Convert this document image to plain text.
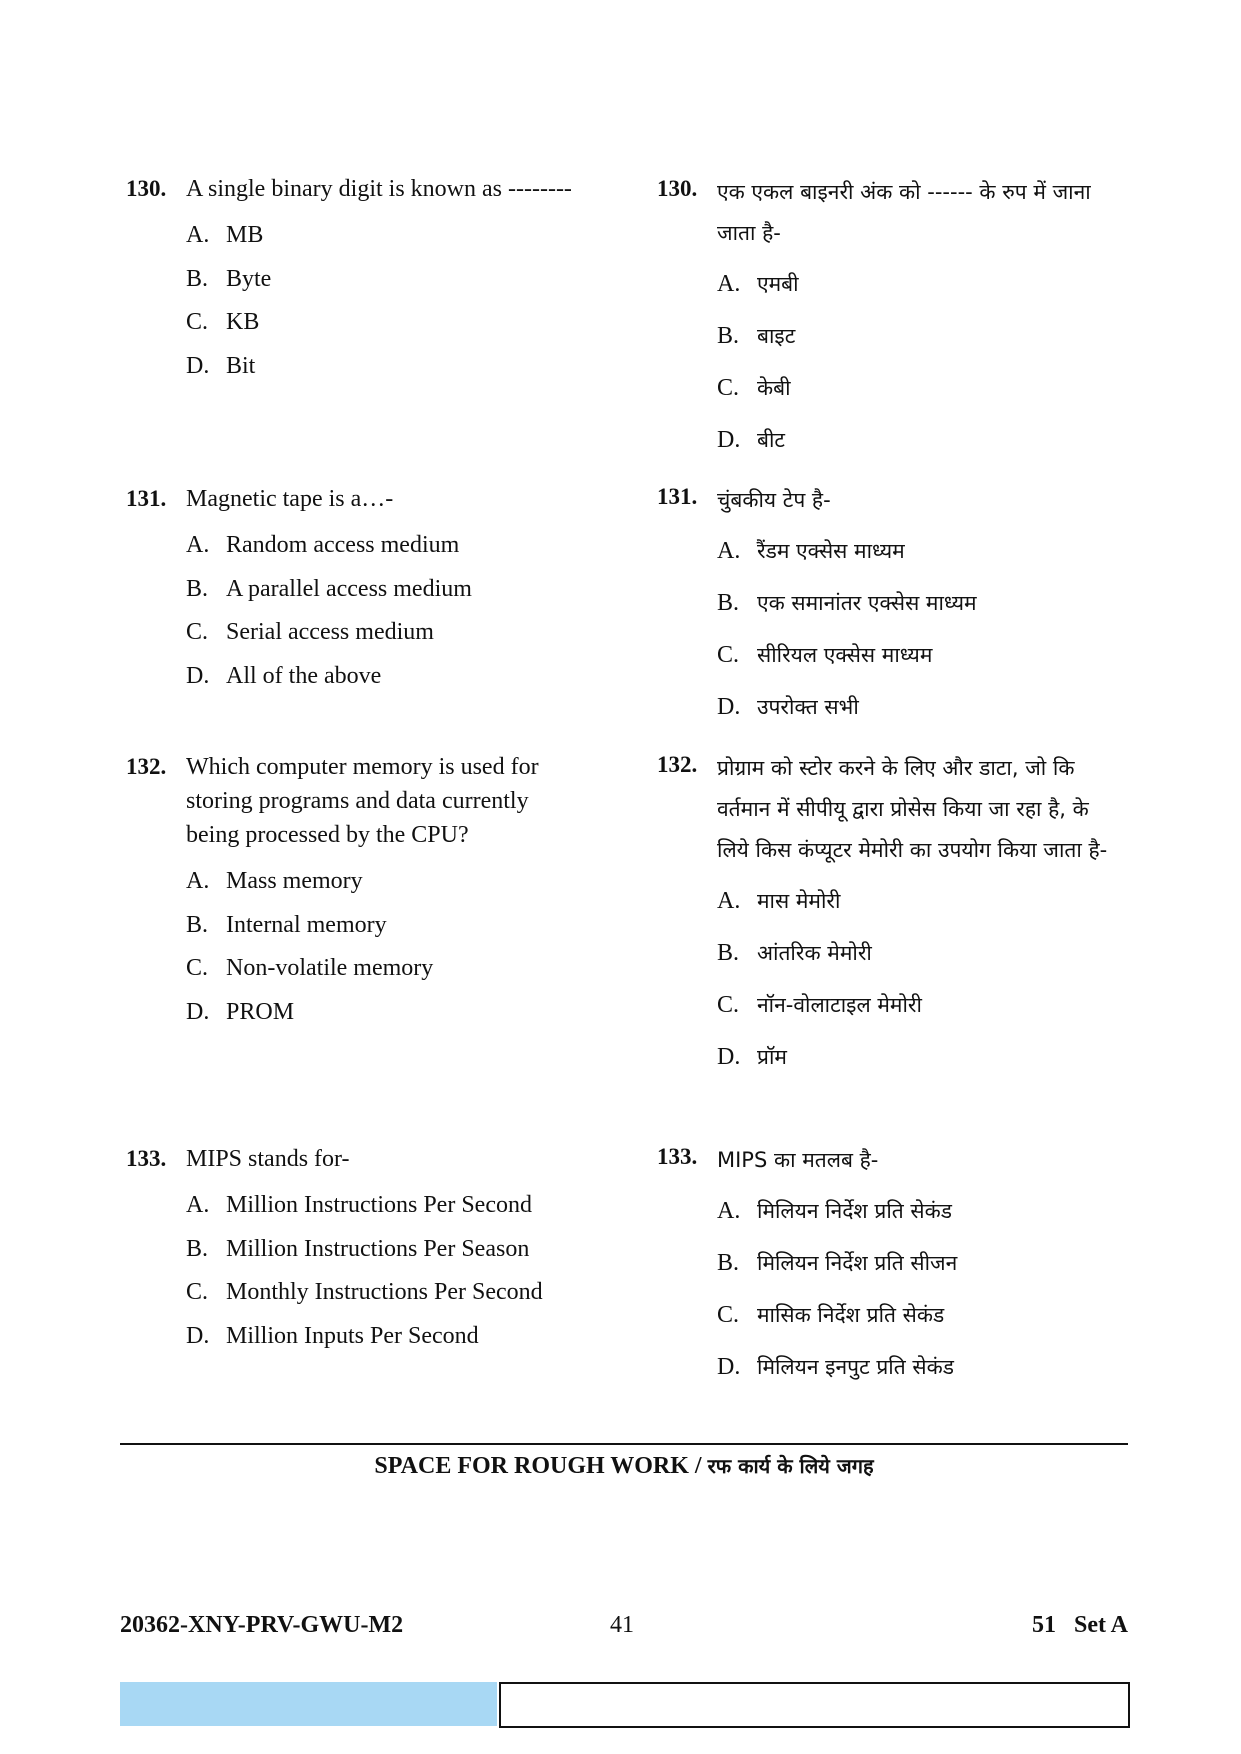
130. A single binary digit is known as --------
A. MB
B. Byte
C. KB
D. Bit
131. Magnetic tape is a…-
A. Random access medium
B. A parallel access medium
C. Serial access medium
D. All of the above
132. Which computer memory is used for storing programs and data currently being processed by the CPU?
A. Mass memory
B. Internal memory
C. Non-volatile memory
D. PROM
133. MIPS stands for-
A. Million Instructions Per Second
B. Million Instructions Per Season
C. Monthly Instructions Per Second
D. Million Inputs Per Second
130. एक एकल बाइनरी अंक को ------ के रुप में जाना जाता है-
A. एमबी
B. बाइट
C. केबी
D. बीट
131. चुंबकीय टेप है-
A. रैंडम एक्सेस माध्यम
B. एक समानांतर एक्सेस माध्यम
C. सीरियल एक्सेस माध्यम
D. उपरोक्त सभी
132. प्रोग्राम को स्टोर करने के लिए और डाटा, जो कि वर्तमान में सीपीयू द्वारा प्रोसेस किया जा रहा है, के लिये किस कंप्यूटर मेमोरी का उपयोग किया जाता है-
A. मास मेमोरी
B. आंतरिक मेमोरी
C. नॉन-वोलाटाइल मेमोरी
D. प्रॉम
133. MIPS का मतलब है-
A. मिलियन निर्देश प्रति सेकंड
B. मिलियन निर्देश प्रति सीजन
C. मासिक निर्देश प्रति सेकंड
D. मिलियन इनपुट प्रति सेकंड
SPACE FOR ROUGH WORK / रफ कार्य के लिये जगह
20362-XNY-PRV-GWU-M2	41	51   Set A
